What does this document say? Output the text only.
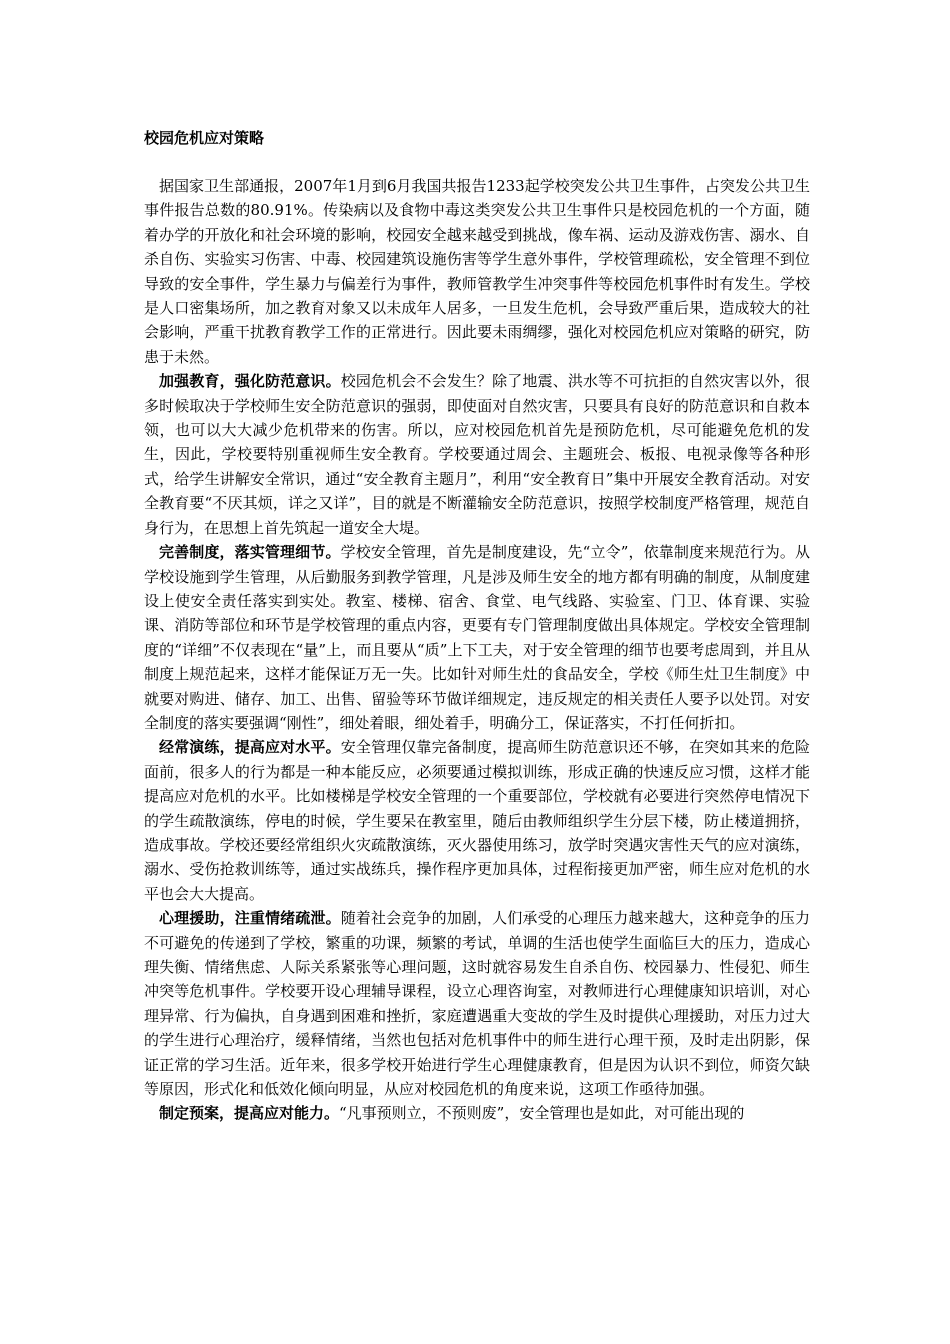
校园危机应对策略

据国家卫生部通报，2007年1月到6月我国共报告1233起学校突发公共卫生事件，占突发公共卫生事件报告总数的80.91%。传染病以及食物中毒这类突发公共卫生事件只是校园危机的一个方面，随着办学的开放化和社会环境的影响，校园安全越来越受到挑战，像车祸、运动及游戏伤害、溺水、自杀自伤、实验实习伤害、中毒、校园建筑设施伤害等学生意外事件，学校管理疏松，安全管理不到位导致的安全事件，学生暴力与偏差行为事件，教师管教学生冲突事件等校园危机事件时有发生。学校是人口密集场所，加之教育对象又以未成年人居多，一旦发生危机，会导致严重后果，造成较大的社会影响，严重干扰教育教学工作的正常进行。因此要未雨绸缪，强化对校园危机应对策略的研究，防患于未然。

加强教育，强化防范意识。校园危机会不会发生？除了地震、洪水等不可抗拒的自然灾害以外，很多时候取决于学校师生安全防范意识的强弱，即使面对自然灾害，只要具有良好的防范意识和自救本领，也可以大大减少危机带来的伤害。所以，应对校园危机首先是预防危机，尽可能避免危机的发生，因此，学校要特别重视师生安全教育。学校要通过周会、主题班会、板报、电视录像等各种形式，给学生讲解安全常识，通过“安全教育主题月”，利用“安全教育日”集中开展安全教育活动。对安全教育要“不厌其烦，详之又详”，目的就是不断灌输安全防范意识，按照学校制度严格管理，规范自身行为，在思想上首先筑起一道安全大堤。

完善制度，落实管理细节。学校安全管理，首先是制度建设，先“立令”，依靠制度来规范行为。从学校设施到学生管理，从后勤服务到教学管理，凡是涉及师生安全的地方都有明确的制度，从制度建设上使安全责任落实到实处。教室、楼梯、宿舍、食堂、电气线路、实验室、门卫、体育课、实验课、消防等部位和环节是学校管理的重点内容，更要有专门管理制度做出具体规定。学校安全管理制度的“详细”不仅表现在“量”上，而且要从“质”上下工夫，对于安全管理的细节也要考虑周到，并且从制度上规范起来，这样才能保证万无一失。比如针对师生灶的食品安全，学校《师生灶卫生制度》中就要对购进、储存、加工、出售、留验等环节做详细规定，违反规定的相关责任人要予以处罚。对安全制度的落实要强调“刚性”，细处着眼，细处着手，明确分工，保证落实，不打任何折扣。

经常演练，提高应对水平。安全管理仅靠完备制度，提高师生防范意识还不够，在突如其来的危险面前，很多人的行为都是一种本能反应，必须要通过模拟训练，形成正确的快速反应习惯，这样才能提高应对危机的水平。比如楼梯是学校安全管理的一个重要部位，学校就有必要进行突然停电情况下的学生疏散演练，停电的时候，学生要呆在教室里，随后由教师组织学生分层下楼，防止楼道拥挤，造成事故。学校还要经常组织火灾疏散演练，灭火器使用练习，放学时突遇灾害性天气的应对演练，溺水、受伤抢救训练等，通过实战练兵，操作程序更加具体，过程衔接更加严密，师生应对危机的水平也会大大提高。

心理援助，注重情绪疏泄。随着社会竞争的加剧，人们承受的心理压力越来越大，这种竞争的压力不可避免的传递到了学校，繁重的功课，频繁的考试，单调的生活也使学生面临巨大的压力，造成心理失衡、情绪焦虑、人际关系紧张等心理问题，这时就容易发生自杀自伤、校园暴力、性侵犯、师生冲突等危机事件。学校要开设心理辅导课程，设立心理咨询室，对教师进行心理健康知识培训，对心理异常、行为偏执，自身遇到困难和挫折，家庭遭遇重大变故的学生及时提供心理援助，对压力过大的学生进行心理治疗，缓释情绪，当然也包括对危机事件中的师生进行心理干预，及时走出阴影，保证正常的学习生活。近年来，很多学校开始进行学生心理健康教育，但是因为认识不到位，师资欠缺等原因，形式化和低效化倾向明显，从应对校园危机的角度来说，这项工作亟待加强。

制定预案，提高应对能力。“凡事预则立，不预则废”，安全管理也是如此，对可能出现的
